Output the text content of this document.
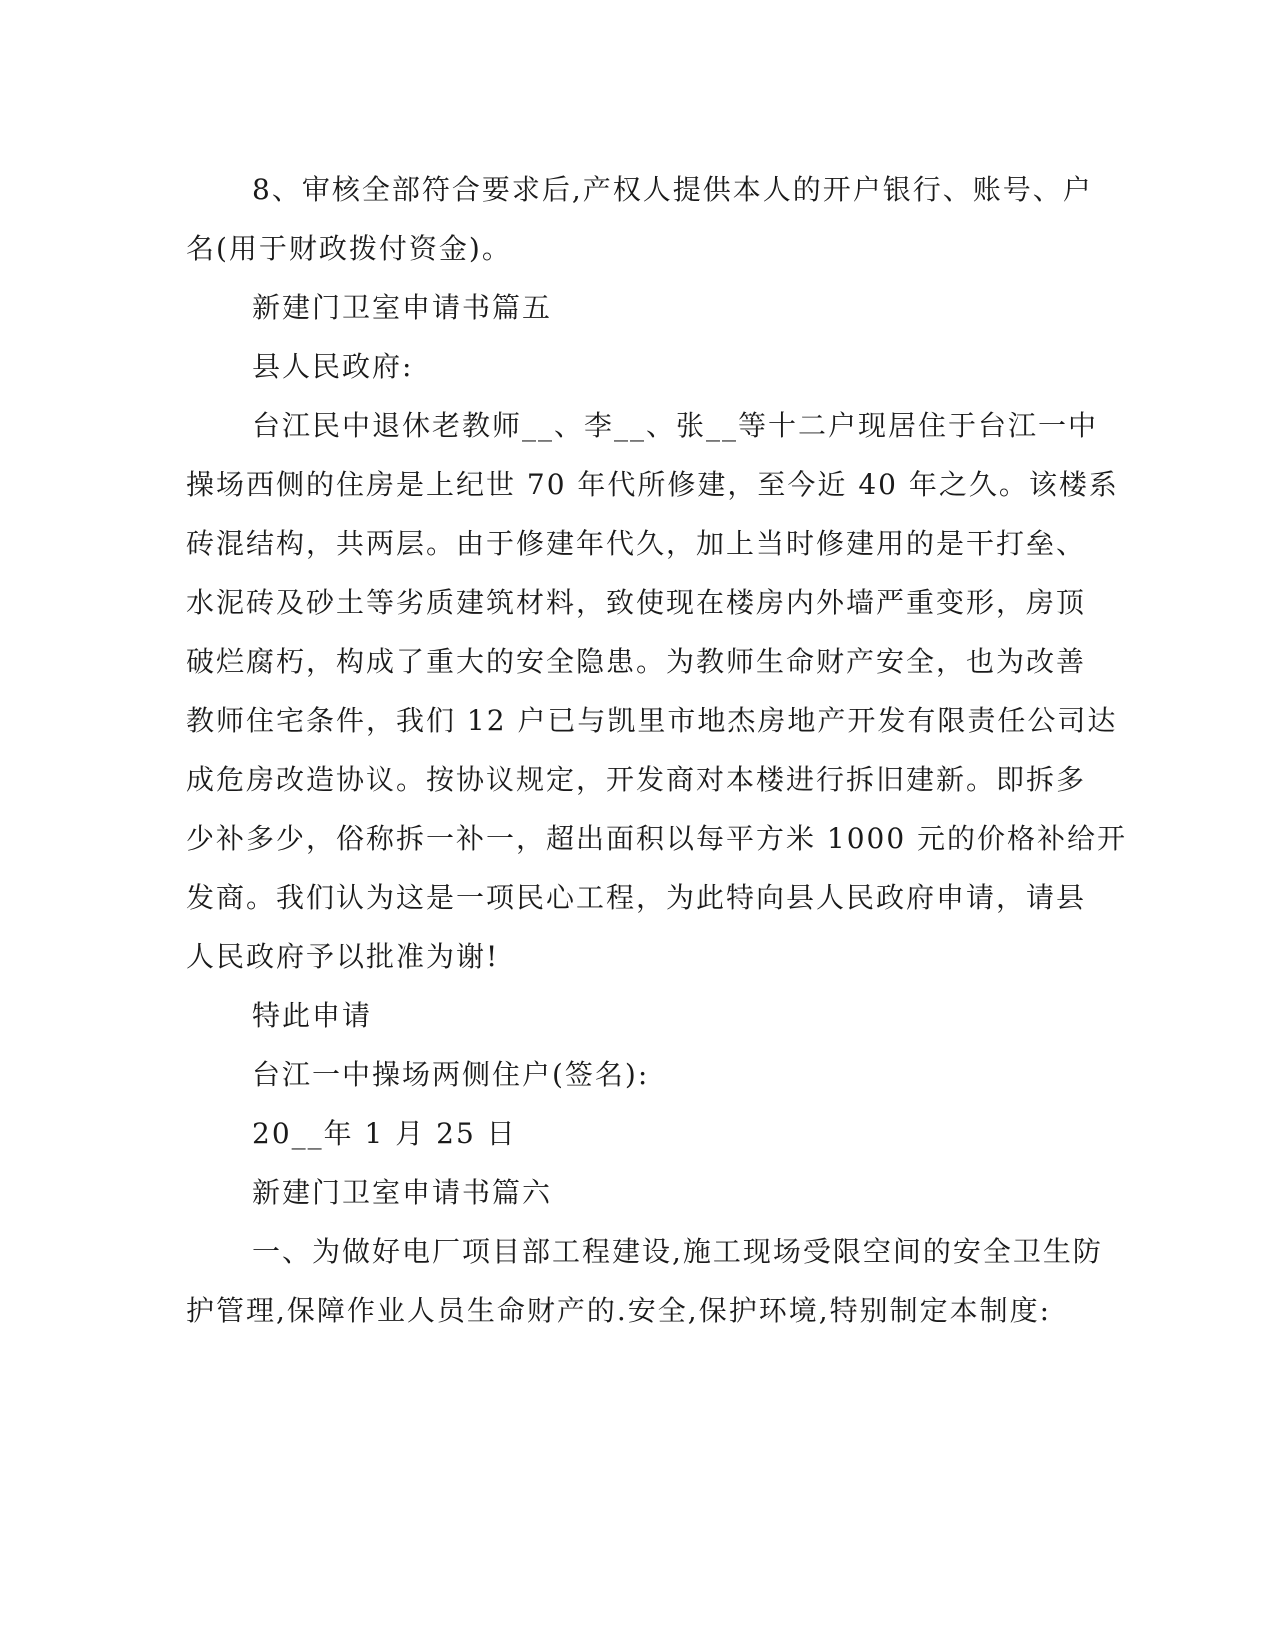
8、审核全部符合要求后,产权人提供本人的开户银行、账号、户
名(用于财政拨付资金)。
新建门卫室申请书篇五
县人民政府:
台江民中退休老教师__、李__、张__等十二户现居住于台江一中
操场西侧的住房是上纪世 70 年代所修建，至今近 40 年之久。该楼系
砖混结构，共两层。由于修建年代久，加上当时修建用的是干打垒、
水泥砖及砂土等劣质建筑材料，致使现在楼房内外墙严重变形，房顶
破烂腐朽，构成了重大的安全隐患。为教师生命财产安全，也为改善
教师住宅条件，我们 12 户已与凯里市地杰房地产开发有限责任公司达
成危房改造协议。按协议规定，开发商对本楼进行拆旧建新。即拆多
少补多少，俗称拆一补一，超出面积以每平方米 1000 元的价格补给开
发商。我们认为这是一项民心工程，为此特向县人民政府申请，请县
人民政府予以批准为谢!
特此申请
台江一中操场两侧住户(签名):
20__年 1 月 25 日
新建门卫室申请书篇六
一、为做好电厂项目部工程建设,施工现场受限空间的安全卫生防
护管理,保障作业人员生命财产的.安全,保护环境,特别制定本制度:
